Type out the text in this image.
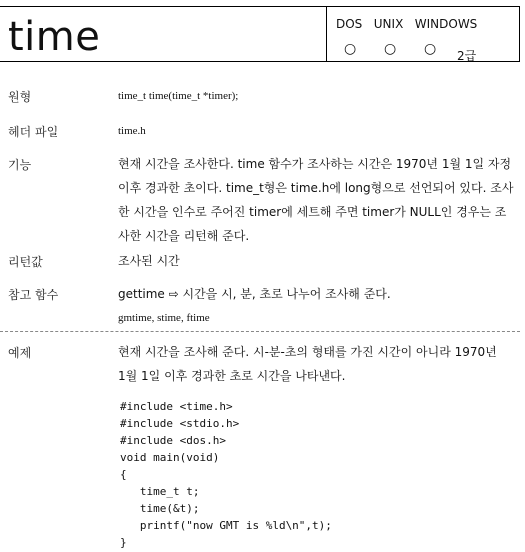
time	DOS UNIX WINDOWS
○ ○ ○ 2급
원형	time_t time(time_t *timer);
헤더 파일	time.h
기능	현재 시간을 조사한다. time 함수가 조사하는 시간은 1970년 1월 1일 자정
이후 경과한 초이다. time_t형은 time.h에 long형으로 선언되어 있다. 조사
한 시간을 인수로 주어진 timer에 세트해 주면 timer가 NULL인 경우는 조
사한 시간을 리턴해 준다.
리턴값	조사된 시간
참고 함수	gettime ⇨ 시간을 시, 분, 초로 나누어 조사해 준다.
gmtime, stime, ftime
예제	현재 시간을 조사해 준다. 시-분-초의 형태를 가진 시간이 아니라 1970년
1월 1일 이후 경과한 초로 시간을 나타낸다.
#include <time.h>
#include <stdio.h>
#include <dos.h>
void main(void)
{
time_t t;
time(&t);
printf("now GMT is %ld\n",t);
}
